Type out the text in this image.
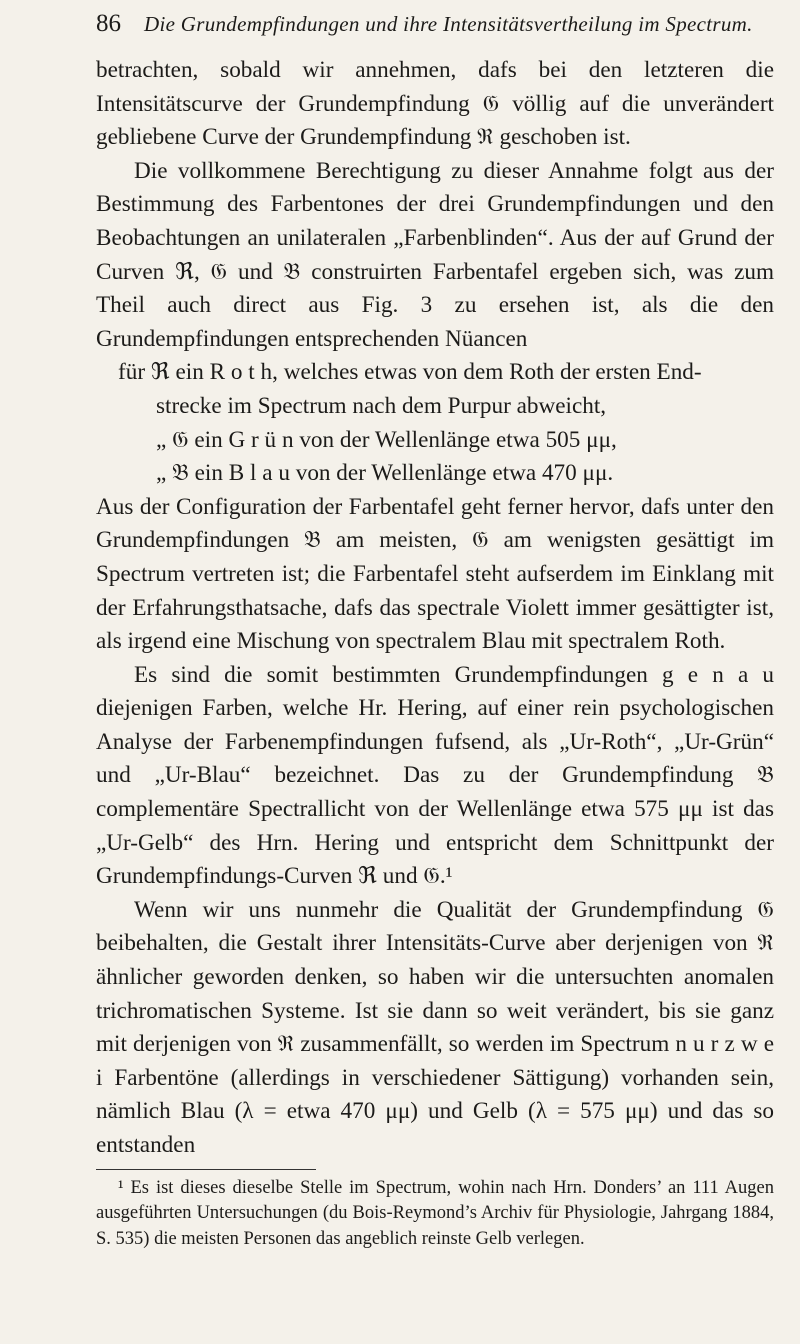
86	Die Grundempfindungen und ihre Intensitätsvertheilung im Spectrum.

betrachten, sobald wir annehmen, dafs bei den letzteren die Intensitätscurve der Grundempfindung 𝔊 völlig auf die unverändert gebliebene Curve der Grundempfindung ℜ geschoben ist.

Die vollkommene Berechtigung zu dieser Annahme folgt aus der Bestimmung des Farbentones der drei Grundempfindungen und den Beobachtungen an unilateralen „Farbenblinden“. Aus der auf Grund der Curven ℜ, 𝔊 und 𝔅 construirten Farbentafel ergeben sich, was zum Theil auch direct aus Fig. 3 zu ersehen ist, als die den Grundempfindungen entsprechenden Nüancen

für ℜ ein R o t h, welches etwas von dem Roth der ersten End-
strecke im Spectrum nach dem Purpur abweicht,
„ 𝔊 ein G r ü n von der Wellenlänge etwa 505 μμ,
„ 𝔅 ein B l a u von der Wellenlänge etwa 470 μμ.

Aus der Configuration der Farbentafel geht ferner hervor, dafs unter den Grundempfindungen 𝔅 am meisten, 𝔊 am wenigsten gesättigt im Spectrum vertreten ist; die Farbentafel steht aufserdem im Einklang mit der Erfahrungsthatsache, dafs das spectrale Violett immer gesättigter ist, als irgend eine Mischung von spectralem Blau mit spectralem Roth.

Es sind die somit bestimmten Grundempfindungen g e n a u diejenigen Farben, welche Hr. Hering, auf einer rein psychologischen Analyse der Farbenempfindungen fufsend, als „Ur-Roth“, „Ur-Grün“ und „Ur-Blau“ bezeichnet. Das zu der Grundempfindung 𝔅 complementäre Spectrallicht von der Wellenlänge etwa 575 μμ ist das „Ur-Gelb“ des Hrn. Hering und entspricht dem Schnittpunkt der Grundempfindungs-Curven ℜ und 𝔊.¹

Wenn wir uns nunmehr die Qualität der Grundempfindung 𝔊 beibehalten, die Gestalt ihrer Intensitäts-Curve aber derjenigen von ℜ ähnlicher geworden denken, so haben wir die untersuchten anomalen trichromatischen Systeme. Ist sie dann so weit verändert, bis sie ganz mit derjenigen von ℜ zusammenfällt, so werden im Spectrum n u r z w e i Farbentöne (allerdings in verschiedener Sättigung) vorhanden sein, nämlich Blau (λ = etwa 470 μμ) und Gelb (λ = 575 μμ) und das so entstanden

¹ Es ist dieses dieselbe Stelle im Spectrum, wohin nach Hrn. Donders’ an 111 Augen ausgeführten Untersuchungen (du Bois-Reymond’s Archiv für Physiologie, Jahrgang 1884, S. 535) die meisten Personen das angeblich reinste Gelb verlegen.
